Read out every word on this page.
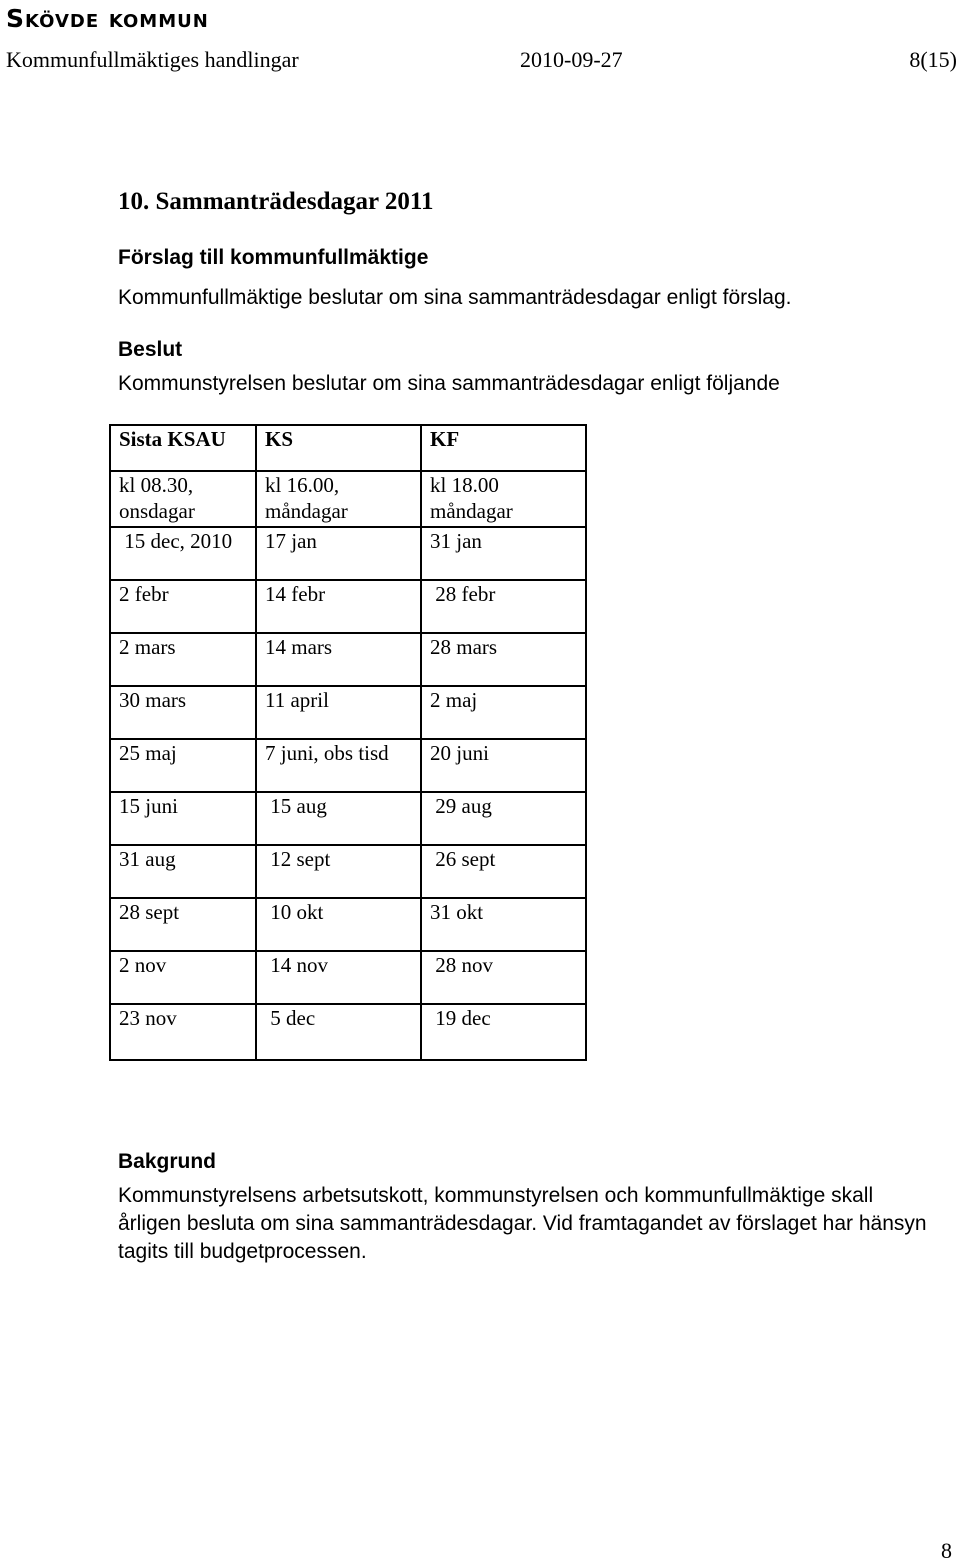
Skövde kommun
Kommunfullmäktiges handlingar	2010-09-27	8(15)
10. Sammanträdesdagar 2011
Förslag till kommunfullmäktige
Kommunfullmäktige beslutar om sina sammanträdesdagar enligt förslag.
Beslut
Kommunstyrelsen beslutar om sina sammanträdesdagar enligt följande
Sista KSAU	KS	KF
kl 08.30, onsdagar	kl 16.00, måndagar	kl 18.00 måndagar
15 dec, 2010	17 jan	31 jan
2 febr	14 febr	28 febr
2 mars	14 mars	28 mars
30 mars	11 april	2 maj
25 maj	7 juni, obs tisd	20 juni
15 juni	15 aug	29 aug
31 aug	12 sept	26 sept
28 sept	10 okt	31 okt
2 nov	14 nov	28 nov
23 nov	5 dec	19 dec
Bakgrund
Kommunstyrelsens arbetsutskott, kommunstyrelsen och kommunfullmäktige skall årligen besluta om sina sammanträdesdagar. Vid framtagandet av förslaget har hänsyn tagits till budgetprocessen.
8
